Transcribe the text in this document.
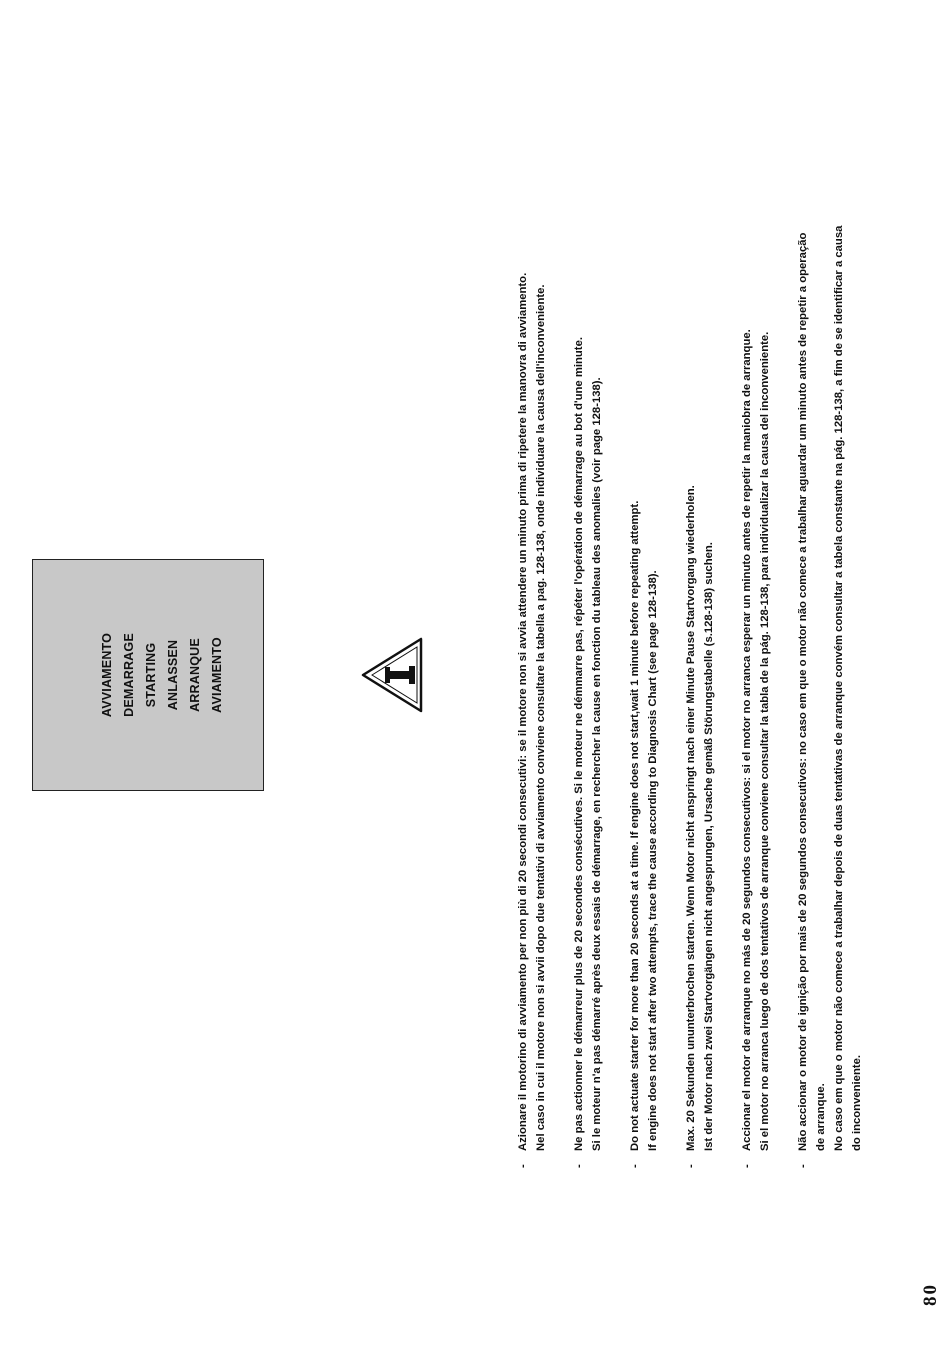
AVVIAMENTO DEMARRAGE STARTING ANLASSEN ARRANQUE AVIAMENTO
-
Azionare il motorino di avviamento per non più di 20 secondi consecutivi: se il motore non si avvia attendere un minuto prima di ripetere la manovra di avviamento. Nel caso in cui il motore non si avvii dopo due tentativi di avviamento conviene consultare la tabella a pag. 128-138, onde individuare la causa dell'inconveniente.
-
Ne pas actionner le démarreur plus de 20 secondes consécutives. Si le moteur ne démmarre pas, répéter l'opération de démarrage au bot d'une minute. Si le moteur n'a pas démarré après deux essais de démarrage, en rechercher la cause en fonction du tableau des anomalies (voir page 128-138).
-
Do not actuate starter for more than 20 seconds at a time. If engine does not start,wait 1 minute before repeating attempt. If engine does not start after two attempts, trace the cause according to Diagnosis Chart (see page 128-138).
-
Max. 20 Sekunden ununterbrochen starten. Wenn Motor nicht anspringt nach einer Minute Pause Startvorgang wiederholen. Ist der Motor nach zwei Startvorgängen nicht angesprungen, Ursache gemäß Störungstabelle (s.128-138) suchen.
-
Accionar el motor de arranque no más de 20 segundos consecutivos: si el motor no arranca esperar un minuto antes de repetir la maniobra de arranque. Si el motor no arranca luego de dos tentativos de arranque conviene consultar la tabla de la pág. 128-138, para individualizar la causa del inconveniente.
-
Não accionar o motor de ignição por mais de 20 segundos consecutivos: no caso em que o motor não comece a trabalhar aguardar um minuto antes de repetir a operação de arranque. No caso em que o motor não comece a trabalhar depois de duas tentativas de arranque convém consultar a tabela constante na pág. 128-138, a fim de se identificar a causa do inconveniente.
80
